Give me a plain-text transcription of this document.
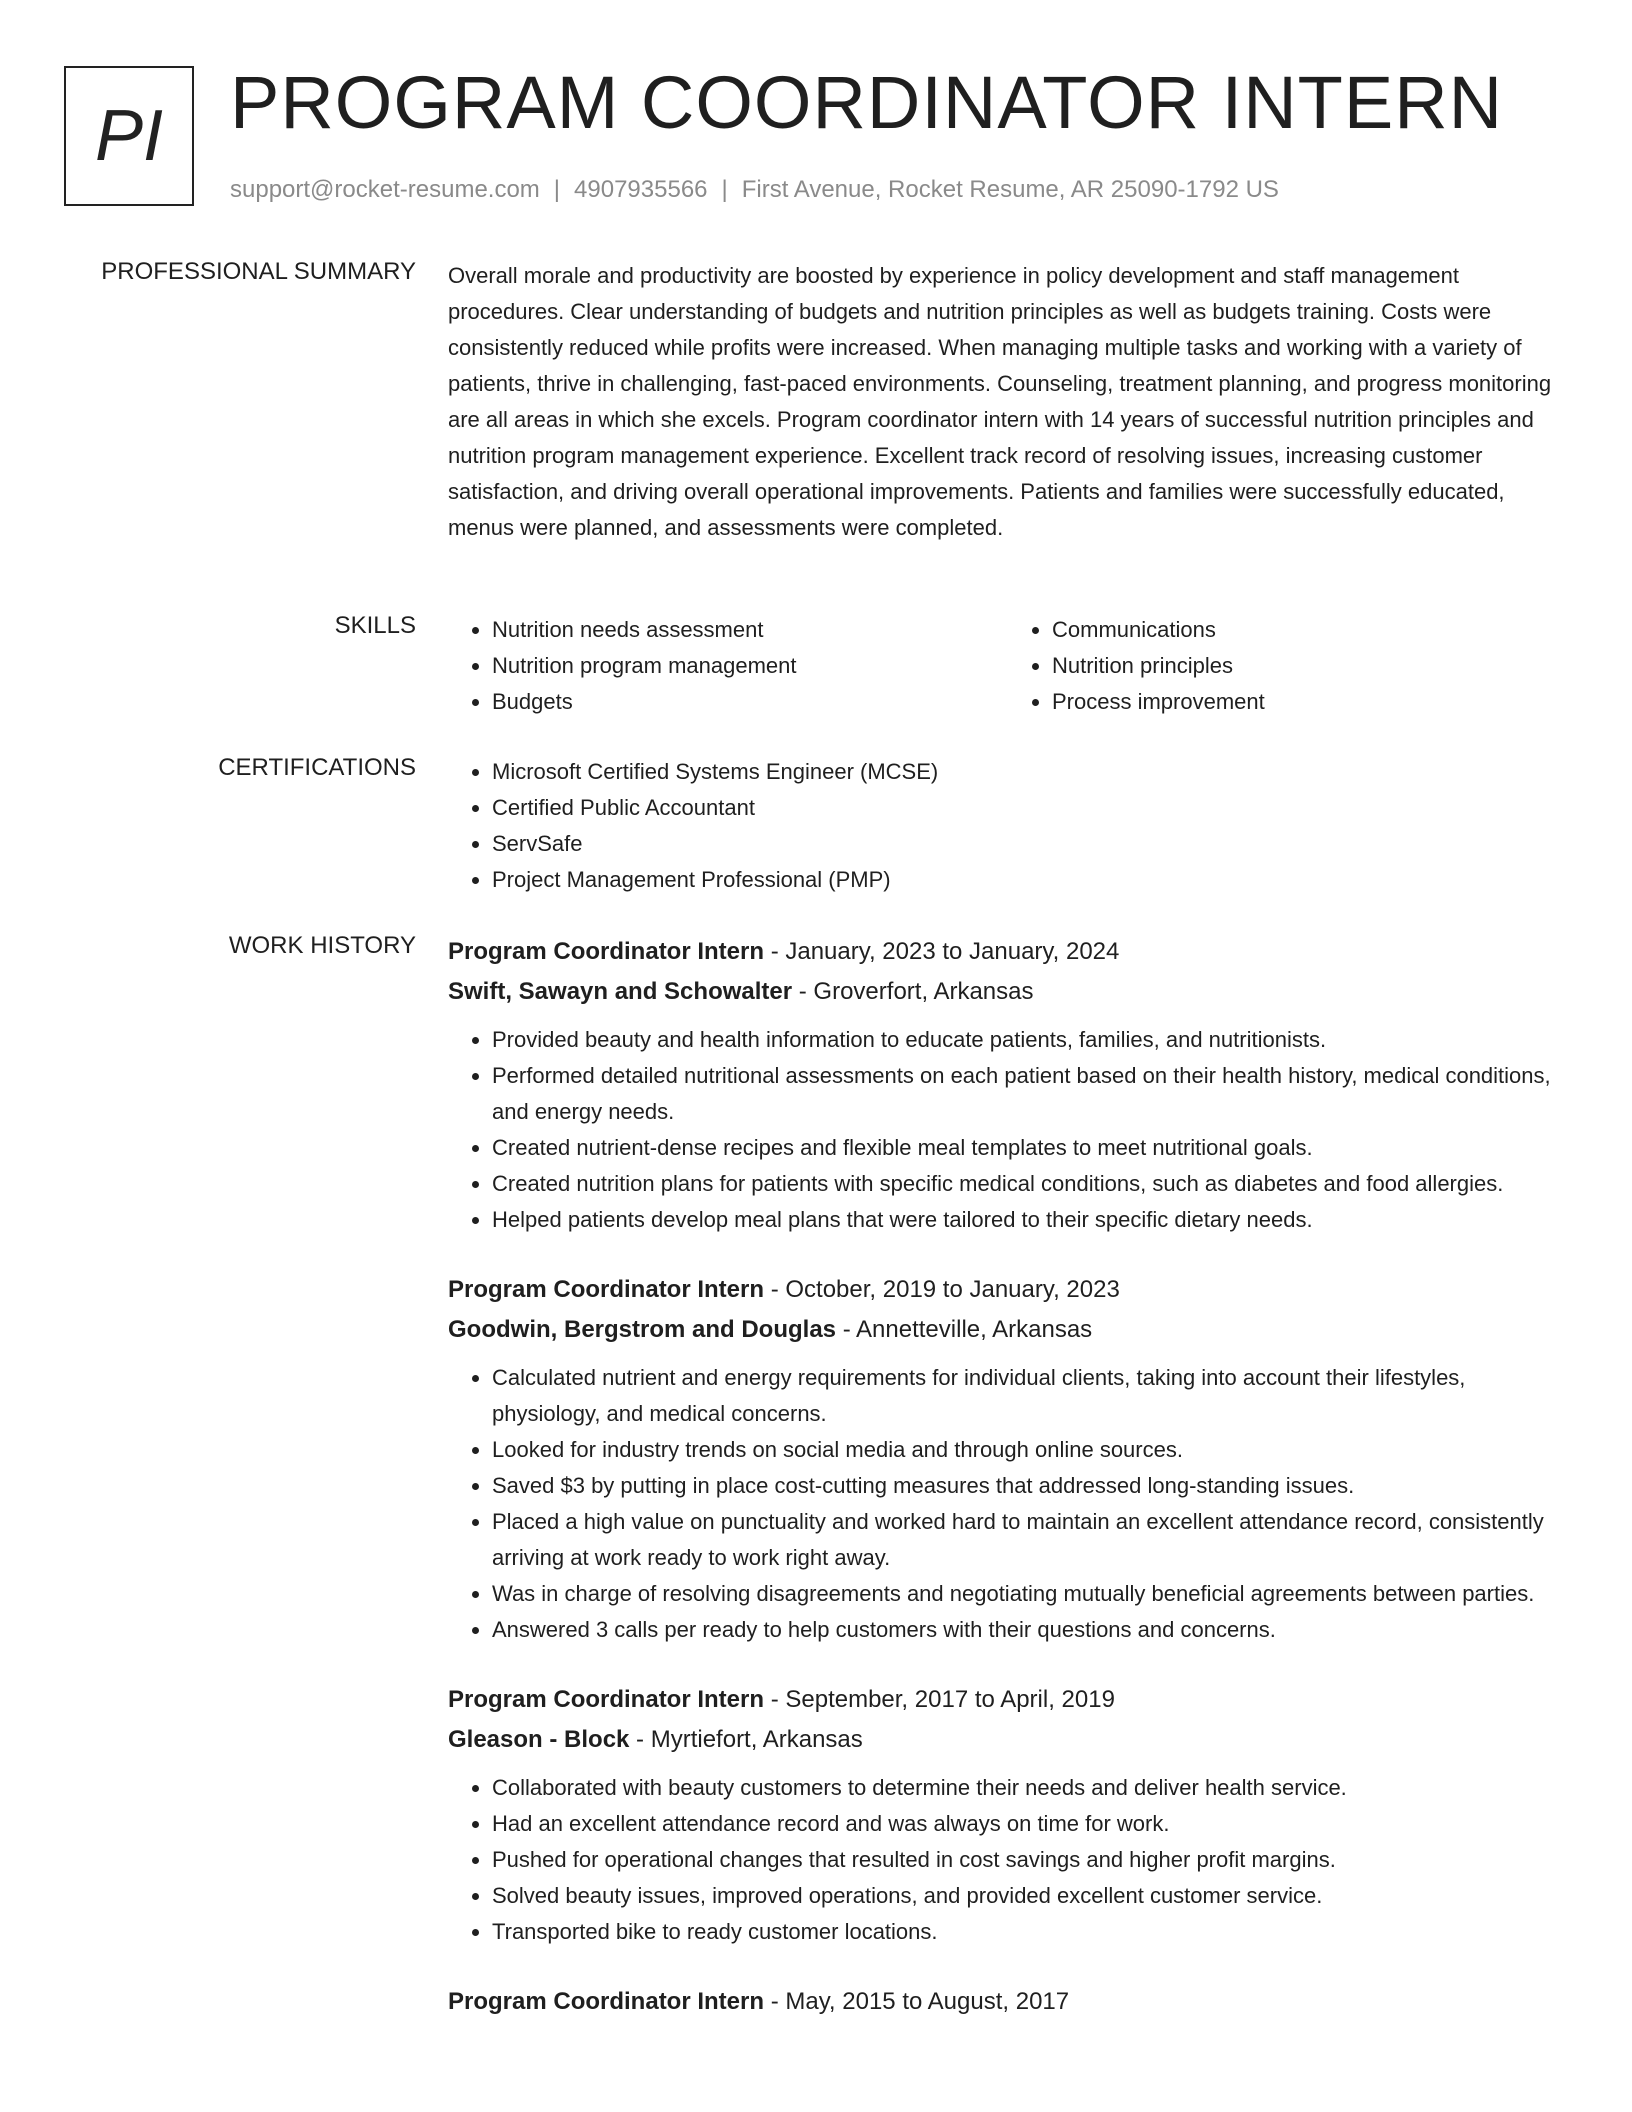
PI PROGRAM COORDINATOR INTERN
support@rocket-resume.com | 4907935566 | First Avenue, Rocket Resume, AR 25090-1792 US
PROFESSIONAL SUMMARY Overall morale and productivity are boosted by experience in policy development and staff management procedures. Clear understanding of budgets and nutrition principles as well as budgets training. Costs were consistently reduced while profits were increased. When managing multiple tasks and working with a variety of patients, thrive in challenging, fast-paced environments. Counseling, treatment planning, and progress monitoring are all areas in which she excels. Program coordinator intern with 14 years of successful nutrition principles and nutrition program management experience. Excellent track record of resolving issues, increasing customer satisfaction, and driving overall operational improvements. Patients and families were successfully educated, menus were planned, and assessments were completed.
SKILLS	• Nutrition needs assessment
• Nutrition program management
• Budgets
• Communications
• Nutrition principles
• Process improvement
CERTIFICATIONS	• Microsoft Certified Systems Engineer (MCSE)
• Certified Public Accountant
• ServSafe
• Project Management Professional (PMP)
WORK HISTORY Program Coordinator Intern - January, 2023 to January, 2024
Swift, Sawayn and Schowalter - Groverfort, Arkansas
• Provided beauty and health information to educate patients, families, and nutritionists.
• Performed detailed nutritional assessments on each patient based on their health history, medical conditions, and energy needs.
• Created nutrient-dense recipes and flexible meal templates to meet nutritional goals.
• Created nutrition plans for patients with specific medical conditions, such as diabetes and food allergies.
• Helped patients develop meal plans that were tailored to their specific dietary needs.
Program Coordinator Intern - October, 2019 to January, 2023
Goodwin, Bergstrom and Douglas - Annetteville, Arkansas
• Calculated nutrient and energy requirements for individual clients, taking into account their lifestyles, physiology, and medical concerns.
• Looked for industry trends on social media and through online sources.
• Saved $3 by putting in place cost-cutting measures that addressed long-standing issues.
• Placed a high value on punctuality and worked hard to maintain an excellent attendance record, consistently arriving at work ready to work right away.
• Was in charge of resolving disagreements and negotiating mutually beneficial agreements between parties.
• Answered 3 calls per ready to help customers with their questions and concerns.
Program Coordinator Intern - September, 2017 to April, 2019
Gleason - Block - Myrtiefort, Arkansas
• Collaborated with beauty customers to determine their needs and deliver health service.
• Had an excellent attendance record and was always on time for work.
• Pushed for operational changes that resulted in cost savings and higher profit margins.
• Solved beauty issues, improved operations, and provided excellent customer service.
• Transported bike to ready customer locations.
Program Coordinator Intern - May, 2015 to August, 2017
